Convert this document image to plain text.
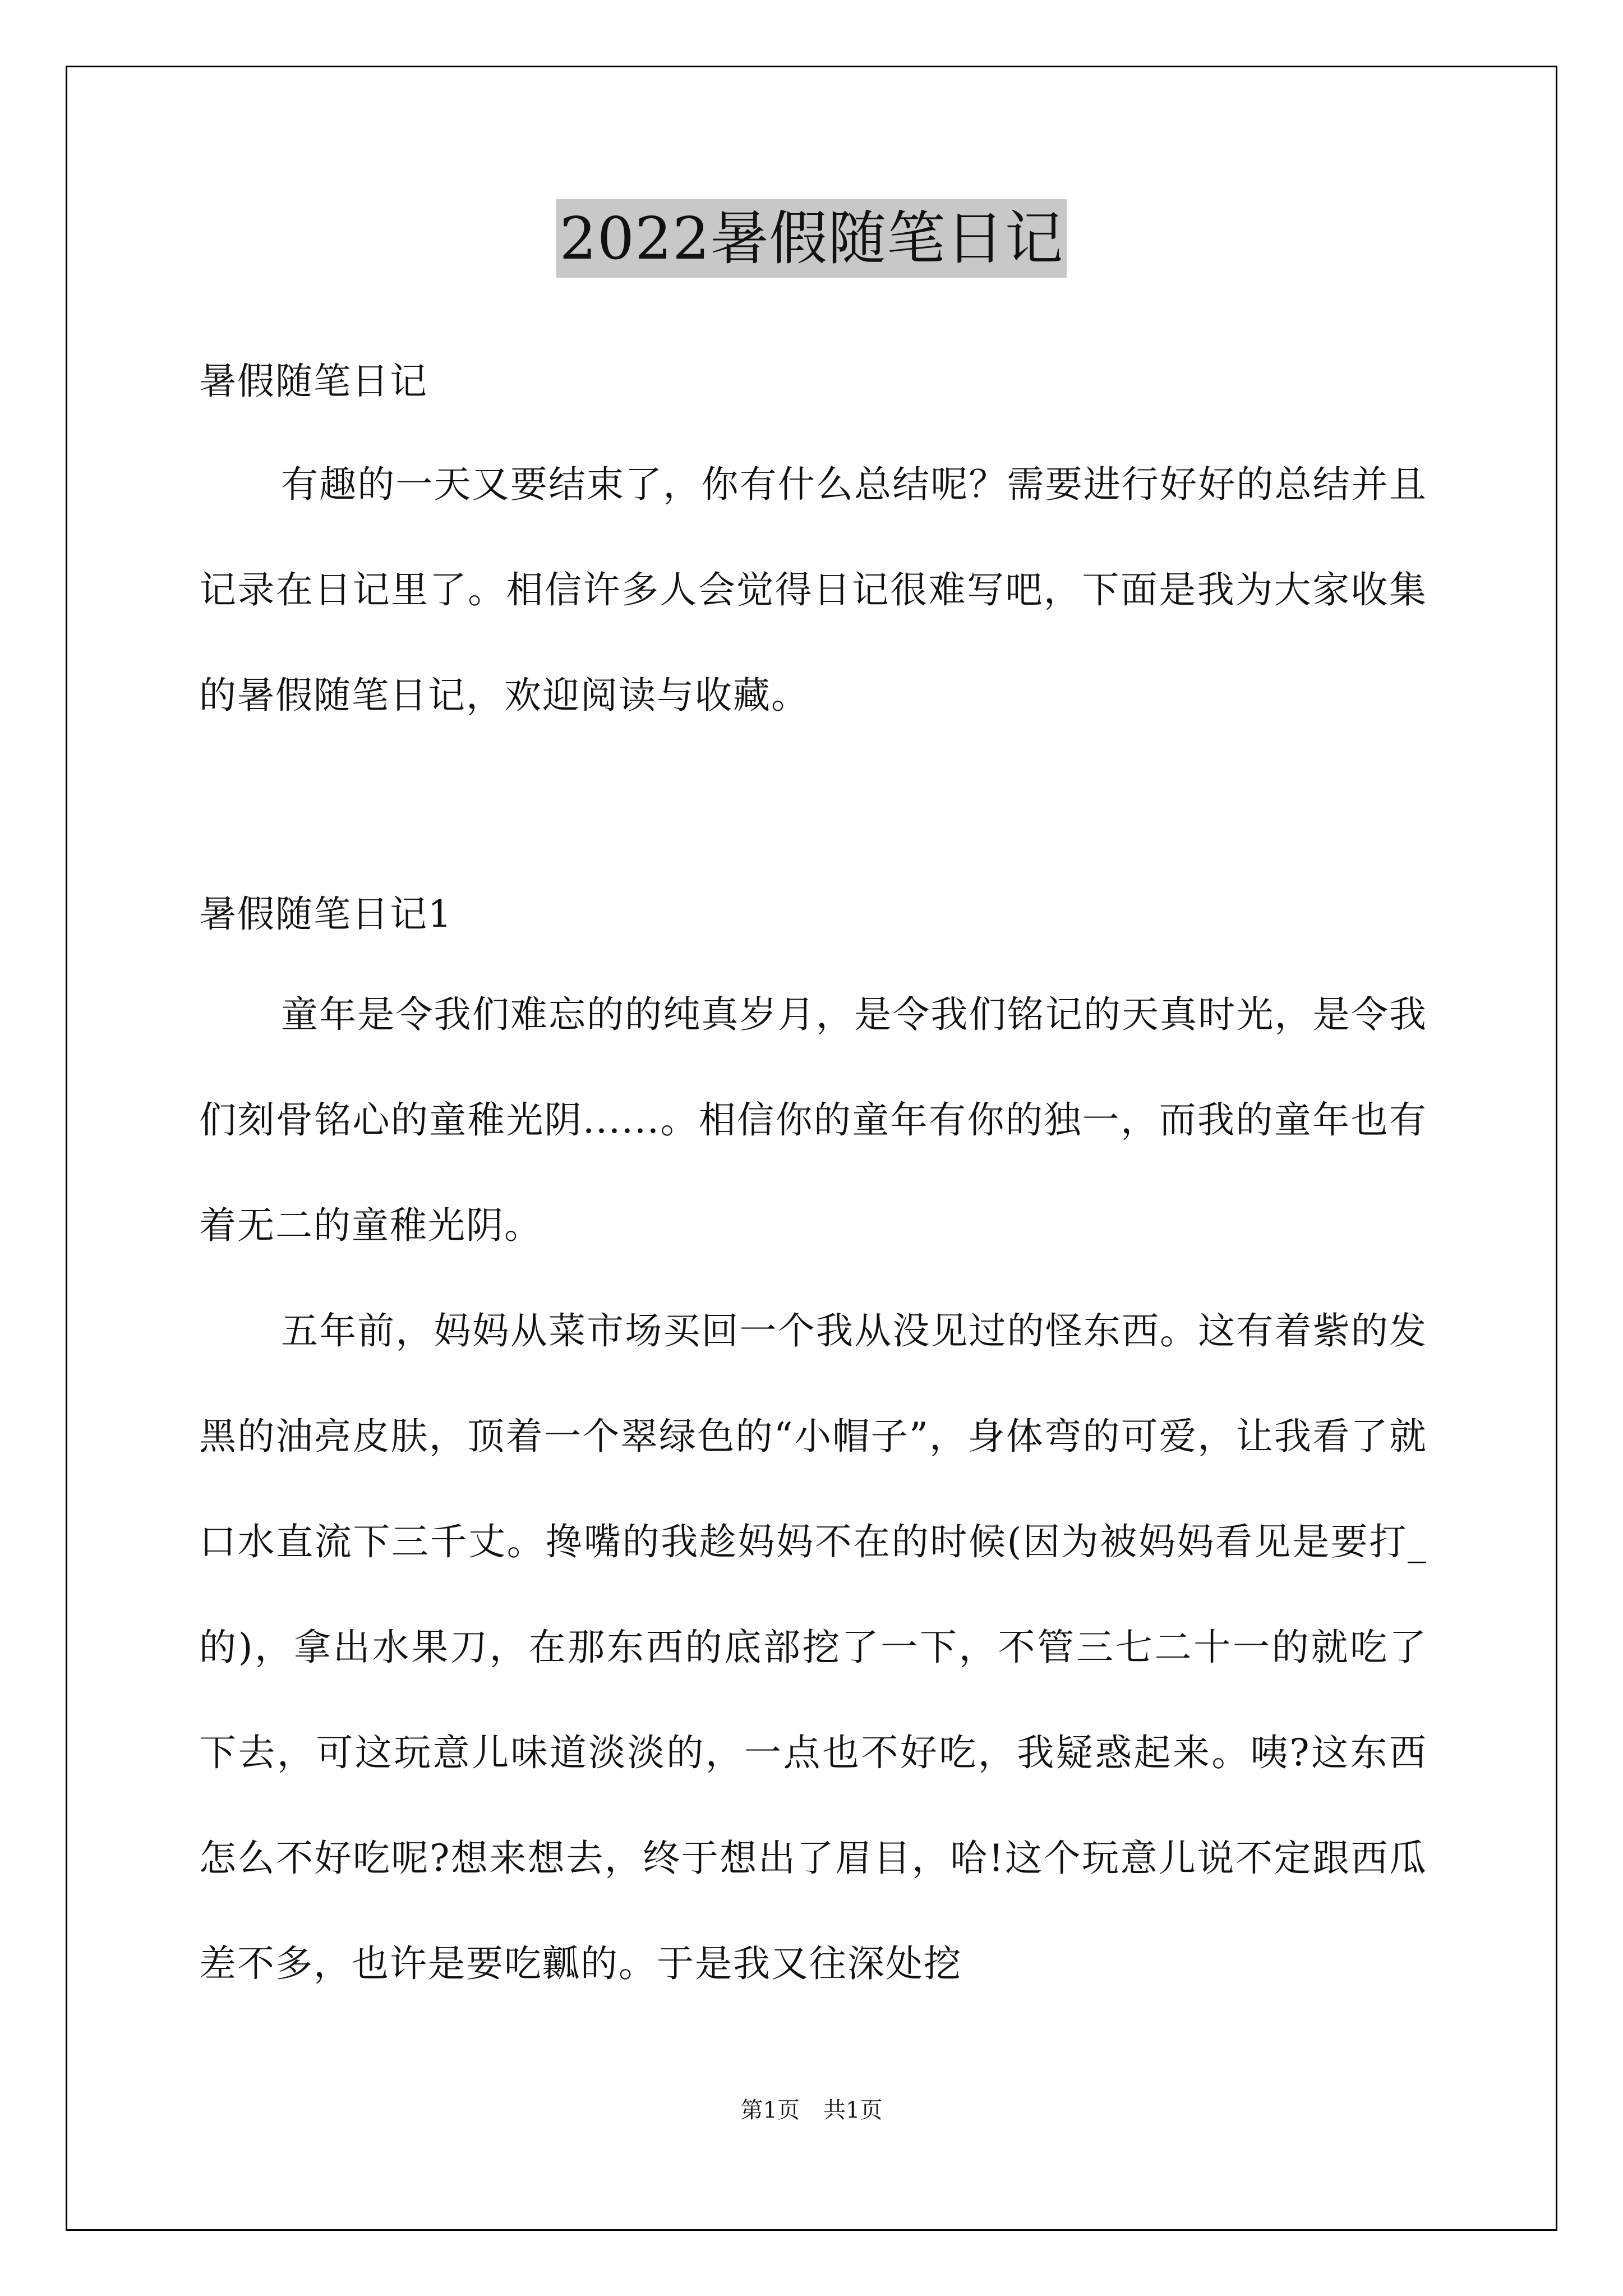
2022暑假随笔日记
暑假随笔日记

有趣的一天又要结束了，你有什么总结呢？需要进行好好的总结并且记录在日记里了。相信许多人会觉得日记很难写吧，下面是我为大家收集的暑假随笔日记，欢迎阅读与收藏。

暑假随笔日记1

童年是令我们难忘的的纯真岁月，是令我们铭记的天真时光，是令我们刻骨铭心的童稚光阴......。相信你的童年有你的独一，而我的童年也有着无二的童稚光阴。

五年前，妈妈从菜市场买回一个我从没见过的怪东西。这有着紫的发黑的油亮皮肤，顶着一个翠绿色的“小帽子”，身体弯的可爱，让我看了就口水直流下三千丈。搀嘴的我趁妈妈不在的时候(因为被妈妈看见是要打_的)，拿出水果刀，在那东西的底部挖了一下，不管三七二十一的就吃了下去，可这玩意儿味道淡淡的，一点也不好吃，我疑惑起来。咦?这东西怎么不好吃呢?想来想去，终于想出了眉目，哈!这个玩意儿说不定跟西瓜差不多，也许是要吃瓤的。于是我又往深处挖

第1页 共1页
